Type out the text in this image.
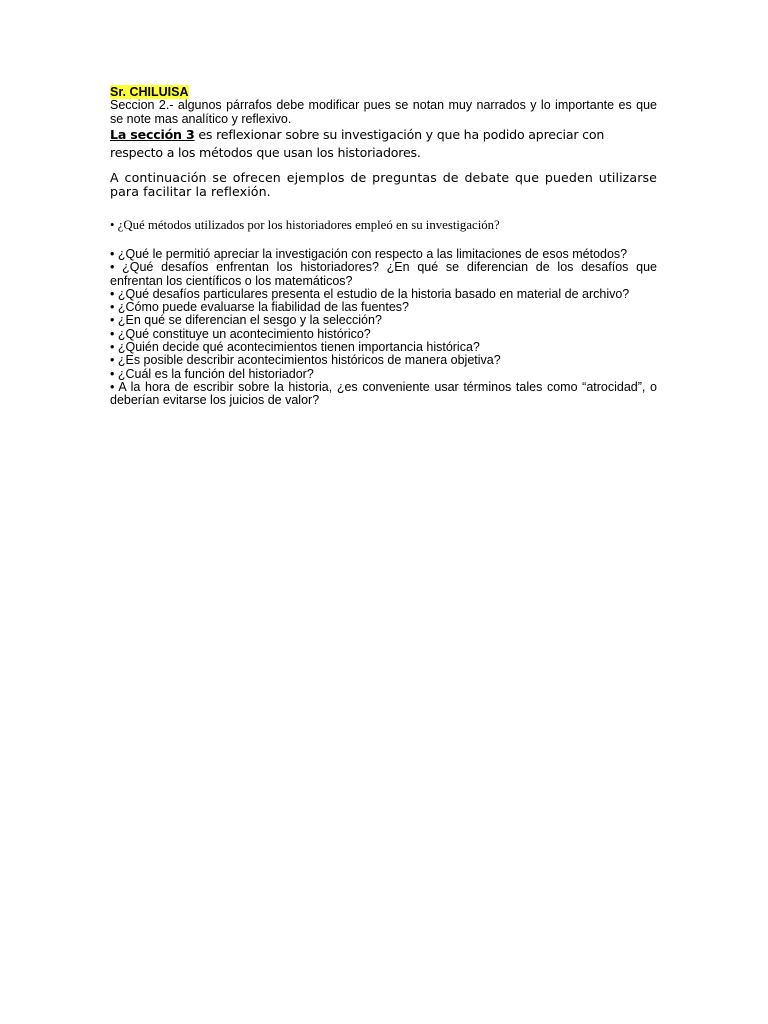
Sr. CHILUISA

Seccion 2.- algunos párrafos debe modificar pues se notan muy narrados y lo importante es que se note mas analítico y reflexivo.

La sección 3 es reflexionar sobre su investigación y que ha podido apreciar con respecto a los métodos que usan los historiadores.

A continuación se ofrecen ejemplos de preguntas de debate que pueden utilizarse para facilitar la reflexión.

• ¿Qué métodos utilizados por los historiadores empleó en su investigación?

• ¿Qué le permitió apreciar la investigación con respecto a las limitaciones de esos métodos?
• ¿Qué desafíos enfrentan los historiadores? ¿En qué se diferencian de los desafíos que enfrentan los científicos o los matemáticos?
• ¿Qué desafíos particulares presenta el estudio de la historia basado en material de archivo?
• ¿Cómo puede evaluarse la fiabilidad de las fuentes?
• ¿En qué se diferencian el sesgo y la selección?
• ¿Qué constituye un acontecimiento histórico?
• ¿Quién decide qué acontecimientos tienen importancia histórica?
• ¿Es posible describir acontecimientos históricos de manera objetiva?
• ¿Cuál es la función del historiador?
• A la hora de escribir sobre la historia, ¿es conveniente usar términos tales como “atrocidad”, o deberían evitarse los juicios de valor?
